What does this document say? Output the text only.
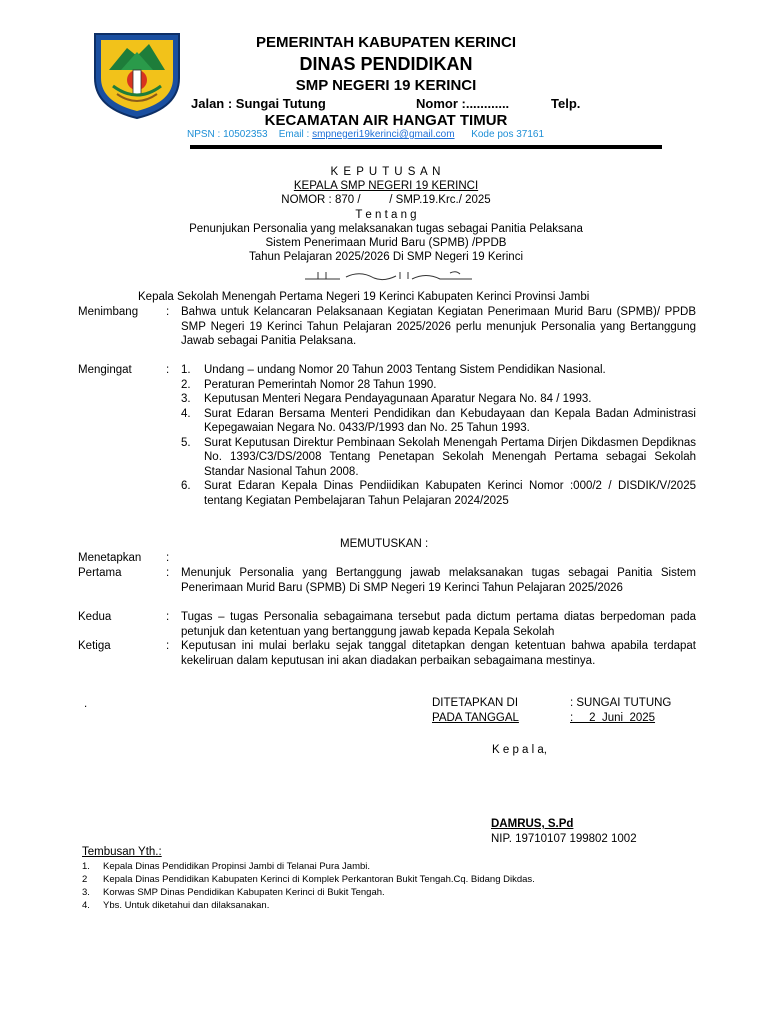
PEMERINTAH KABUPATEN KERINCI
DINAS PENDIDIKAN
SMP NEGERI 19 KERINCI
Jalan : Sungai Tutung	Nomor :............	Telp.
KECAMATAN AIR HANGAT TIMUR
NPSN : 10502353 Email : smpnegeri19kerinci@gmail.com Kode pos 37161
K E P U T U S A N
KEPALA SMP NEGERI 19 KERINCI
NOMOR : 870 /         / SMP.19.Krc./ 2025
T e n t a n g
Penunjukan Personalia yang melaksanakan tugas sebagai Panitia Pelaksana
Sistem Penerimaan Murid Baru (SPMB) /PPDB
Tahun Pelajaran 2025/2026 Di SMP Negeri 19 Kerinci
Kepala Sekolah Menengah Pertama Negeri 19 Kerinci Kabupaten Kerinci Provinsi Jambi
Menimbang : Bahwa untuk Kelancaran Pelaksanaan Kegiatan Kegiatan Penerimaan Murid Baru (SPMB)/ PPDB SMP Negeri 19 Kerinci Tahun Pelajaran 2025/2026 perlu menunjuk Personalia yang Bertanggung Jawab sebagai Panitia Pelaksana.
Mengingat	: 1. Undang – undang Nomor 20 Tahun 2003 Tentang Sistem Pendidikan Nasional.
2. Peraturan Pemerintah Nomor 28 Tahun 1990.
3. Keputusan Menteri Negara Pendayagunaan Aparatur Negara No. 84 / 1993.
4. Surat Edaran Bersama Menteri Pendidikan dan Kebudayaan dan Kepala Badan Administrasi Kepegawaian Negara No. 0433/P/1993 dan No. 25 Tahun 1993.
5. Surat Keputusan Direktur Pembinaan Sekolah Menengah Pertama Dirjen Dikdasmen Depdiknas No. 1393/C3/DS/2008 Tentang Penetapan Sekolah Menengah Pertama sebagai Sekolah Standar Nasional Tahun 2008.
6. Surat Edaran Kepala Dinas Pendiidikan Kabupaten Kerinci Nomor :000/2 / DISDIK/V/2025 tentang Kegiatan Pembelajaran Tahun Pelajaran 2024/2025
MEMUTUSKAN :
Menetapkan :
Pertama	: Menunjuk Personalia yang Bertanggung jawab melaksanakan tugas sebagai Panitia Sistem Penerimaan Murid Baru (SPMB) Di SMP Negeri 19 Kerinci Tahun Pelajaran 2025/2026
Kedua	: Tugas – tugas Personalia sebagaimana tersebut pada dictum pertama diatas berpedoman pada petunjuk dan ketentuan yang bertanggung jawab kepada Kepala Sekolah
Ketiga	: Keputusan ini mulai berlaku sejak tanggal ditetapkan dengan ketentuan bahwa apabila terdapat kekeliruan dalam keputusan ini akan diadakan perbaikan sebagaimana mestinya.
.	DITETAPKAN DI	: SUNGAI TUTUNG
PADA TANGGAL	:     2  Juni  2025
K e p a l a,
DAMRUS, S.Pd
NIP. 19710107 199802 1002
Tembusan Yth.:
1. Kepala Dinas Pendidikan Propinsi Jambi di Telanai Pura Jambi.
2 Kepala Dinas Pendidikan Kabupaten Kerinci di Komplek Perkantoran Bukit Tengah.Cq. Bidang Dikdas.
3. Korwas SMP Dinas Pendidikan Kabupaten Kerinci di Bukit Tengah.
4. Ybs. Untuk diketahui dan dilaksanakan.
